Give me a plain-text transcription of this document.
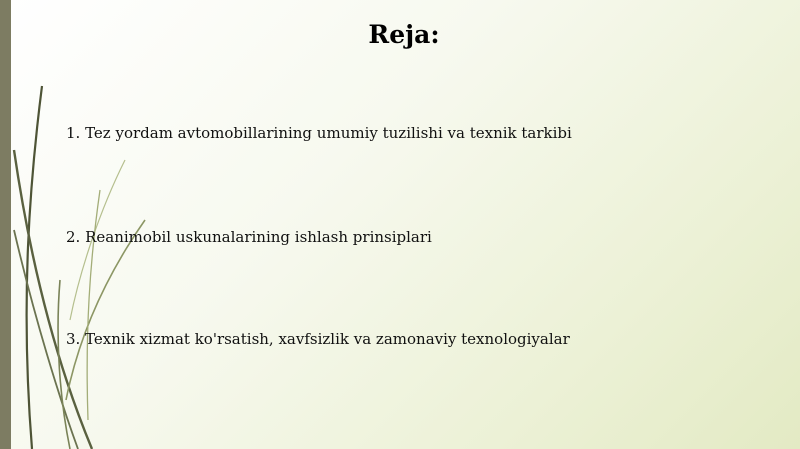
Reja:
1. Tez yordam avtomobillarining umumiy tuzilishi va texnik tarkibi
2. Reanimobil uskunalarining ishlash prinsiplari
3. Texnik xizmat ko'rsatish, xavfsizlik va zamonaviy texnologiyalar
